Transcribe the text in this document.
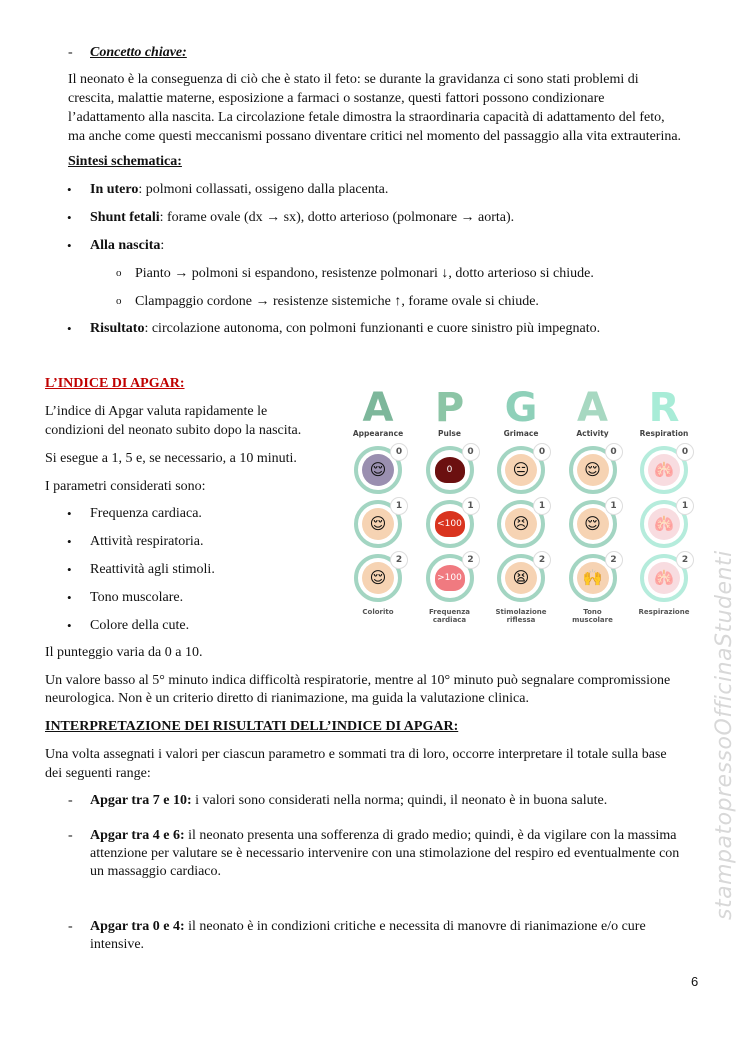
- Concetto chiave:
Il neonato è la conseguenza di ciò che è stato il feto: se durante la gravidanza ci sono stati problemi di
crescita, malattie materne, esposizione a farmaci o sostanze, questi fattori possono condizionare
l’adattamento alla nascita. La circolazione fetale dimostra la straordinaria capacità di adattamento del feto,
ma anche come questi meccanismi possano diventare critici nel momento del passaggio alla vita extrauterina.
Sintesi schematica:
• In utero: polmoni collassati, ossigeno dalla placenta.
• Shunt fetali: forame ovale (dx → sx), dotto arterioso (polmonare → aorta).
• Alla nascita:
o Pianto → polmoni si espandono, resistenze polmonari ↓, dotto arterioso si chiude.
o Clampaggio cordone → resistenze sistemiche ↑, forame ovale si chiude.
• Risultato: circolazione autonoma, con polmoni funzionanti e cuore sinistro più impegnato.
L’INDICE DI APGAR:
L’indice di Apgar valuta rapidamente le
condizioni del neonato subito dopo la nascita.
Si esegue a 1, 5 e, se necessario, a 10 minuti.
I parametri considerati sono:
• Frequenza cardiaca.
• Attività respiratoria.
• Reattività agli stimoli.
• Tono muscolare.
• Colore della cute.
Il punteggio varia da 0 a 10.
Un valore basso al 5° minuto indica difficoltà respiratorie, mentre al 10° minuto può segnalare compromissione
neurologica. Non è un criterio diretto di rianimazione, ma guida la valutazione clinica.
A
Appearance
😌
0
😌
1
😌
2
Colorito
P
Pulse
0
0
<100
1
>100
2
Frequenza
cardiaca
G
Grimace
😑
0
😣
1
😫
2
Stimolazione
riflessa
A
Activity
😌
0
😌
1
🙌
2
Tono
muscolare
R
Respiration
🫁
0
🫁
1
🫁
2
Respirazione
INTERPRETAZIONE DEI RISULTATI DELL’INDICE DI APGAR:
Una volta assegnati i valori per ciascun parametro e sommati tra di loro, occorre interpretare il totale sulla base
dei seguenti range:
- Apgar tra 7 e 10: i valori sono considerati nella norma; quindi, il neonato è in buona salute.
- Apgar tra 4 e 6: il neonato presenta una sofferenza di grado medio; quindi, è da vigilare con la massima
attenzione per valutare se è necessario intervenire con una stimolazione del respiro ed eventualmente con
un massaggio cardiaco.
- Apgar tra 0 e 4: il neonato è in condizioni critiche e necessita di manovre di rianimazione e/o cure
intensive.
stampatopressoOfficinaStudenti
6
